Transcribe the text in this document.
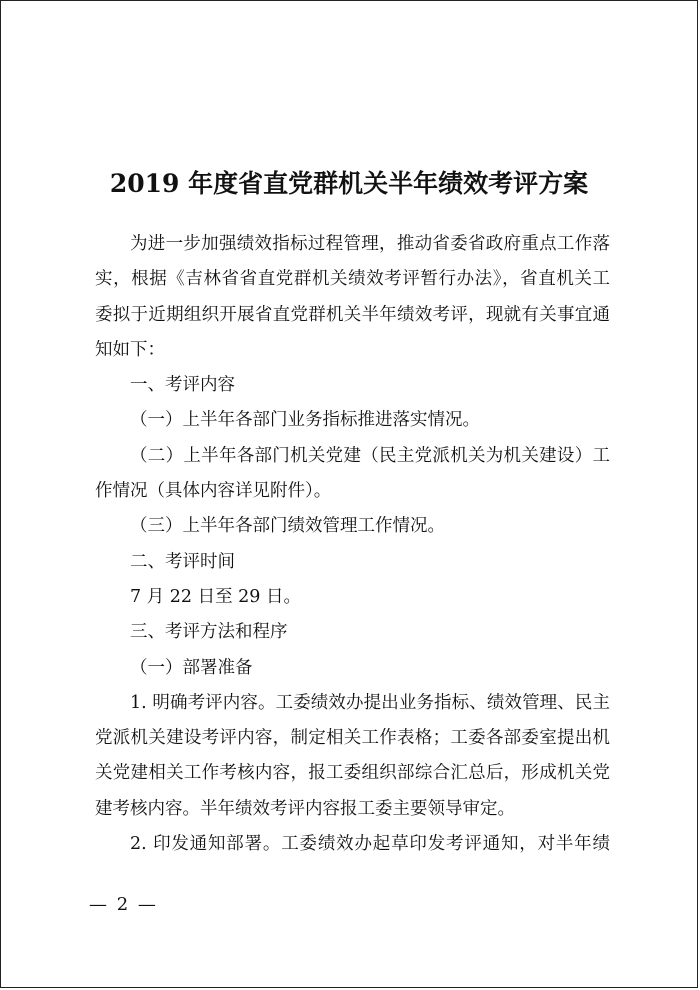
2019 年度省直党群机关半年绩效考评方案

为进一步加强绩效指标过程管理，推动省委省政府重点工作落实，根据《吉林省省直党群机关绩效考评暂行办法》，省直机关工委拟于近期组织开展省直党群机关半年绩效考评，现就有关事宜通知如下：

一、考评内容

（一）上半年各部门业务指标推进落实情况。

（二）上半年各部门机关党建（民主党派机关为机关建设）工作情况（具体内容详见附件）。

（三）上半年各部门绩效管理工作情况。

二、考评时间

7 月 22 日至 29 日。

三、考评方法和程序

（一）部署准备

1. 明确考评内容。工委绩效办提出业务指标、绩效管理、民主党派机关建设考评内容，制定相关工作表格；工委各部委室提出机关党建相关工作考核内容，报工委组织部综合汇总后，形成机关党建考核内容。半年绩效考评内容报工委主要领导审定。

2. 印发通知部署。工委绩效办起草印发考评通知，对半年绩

— 2 —
